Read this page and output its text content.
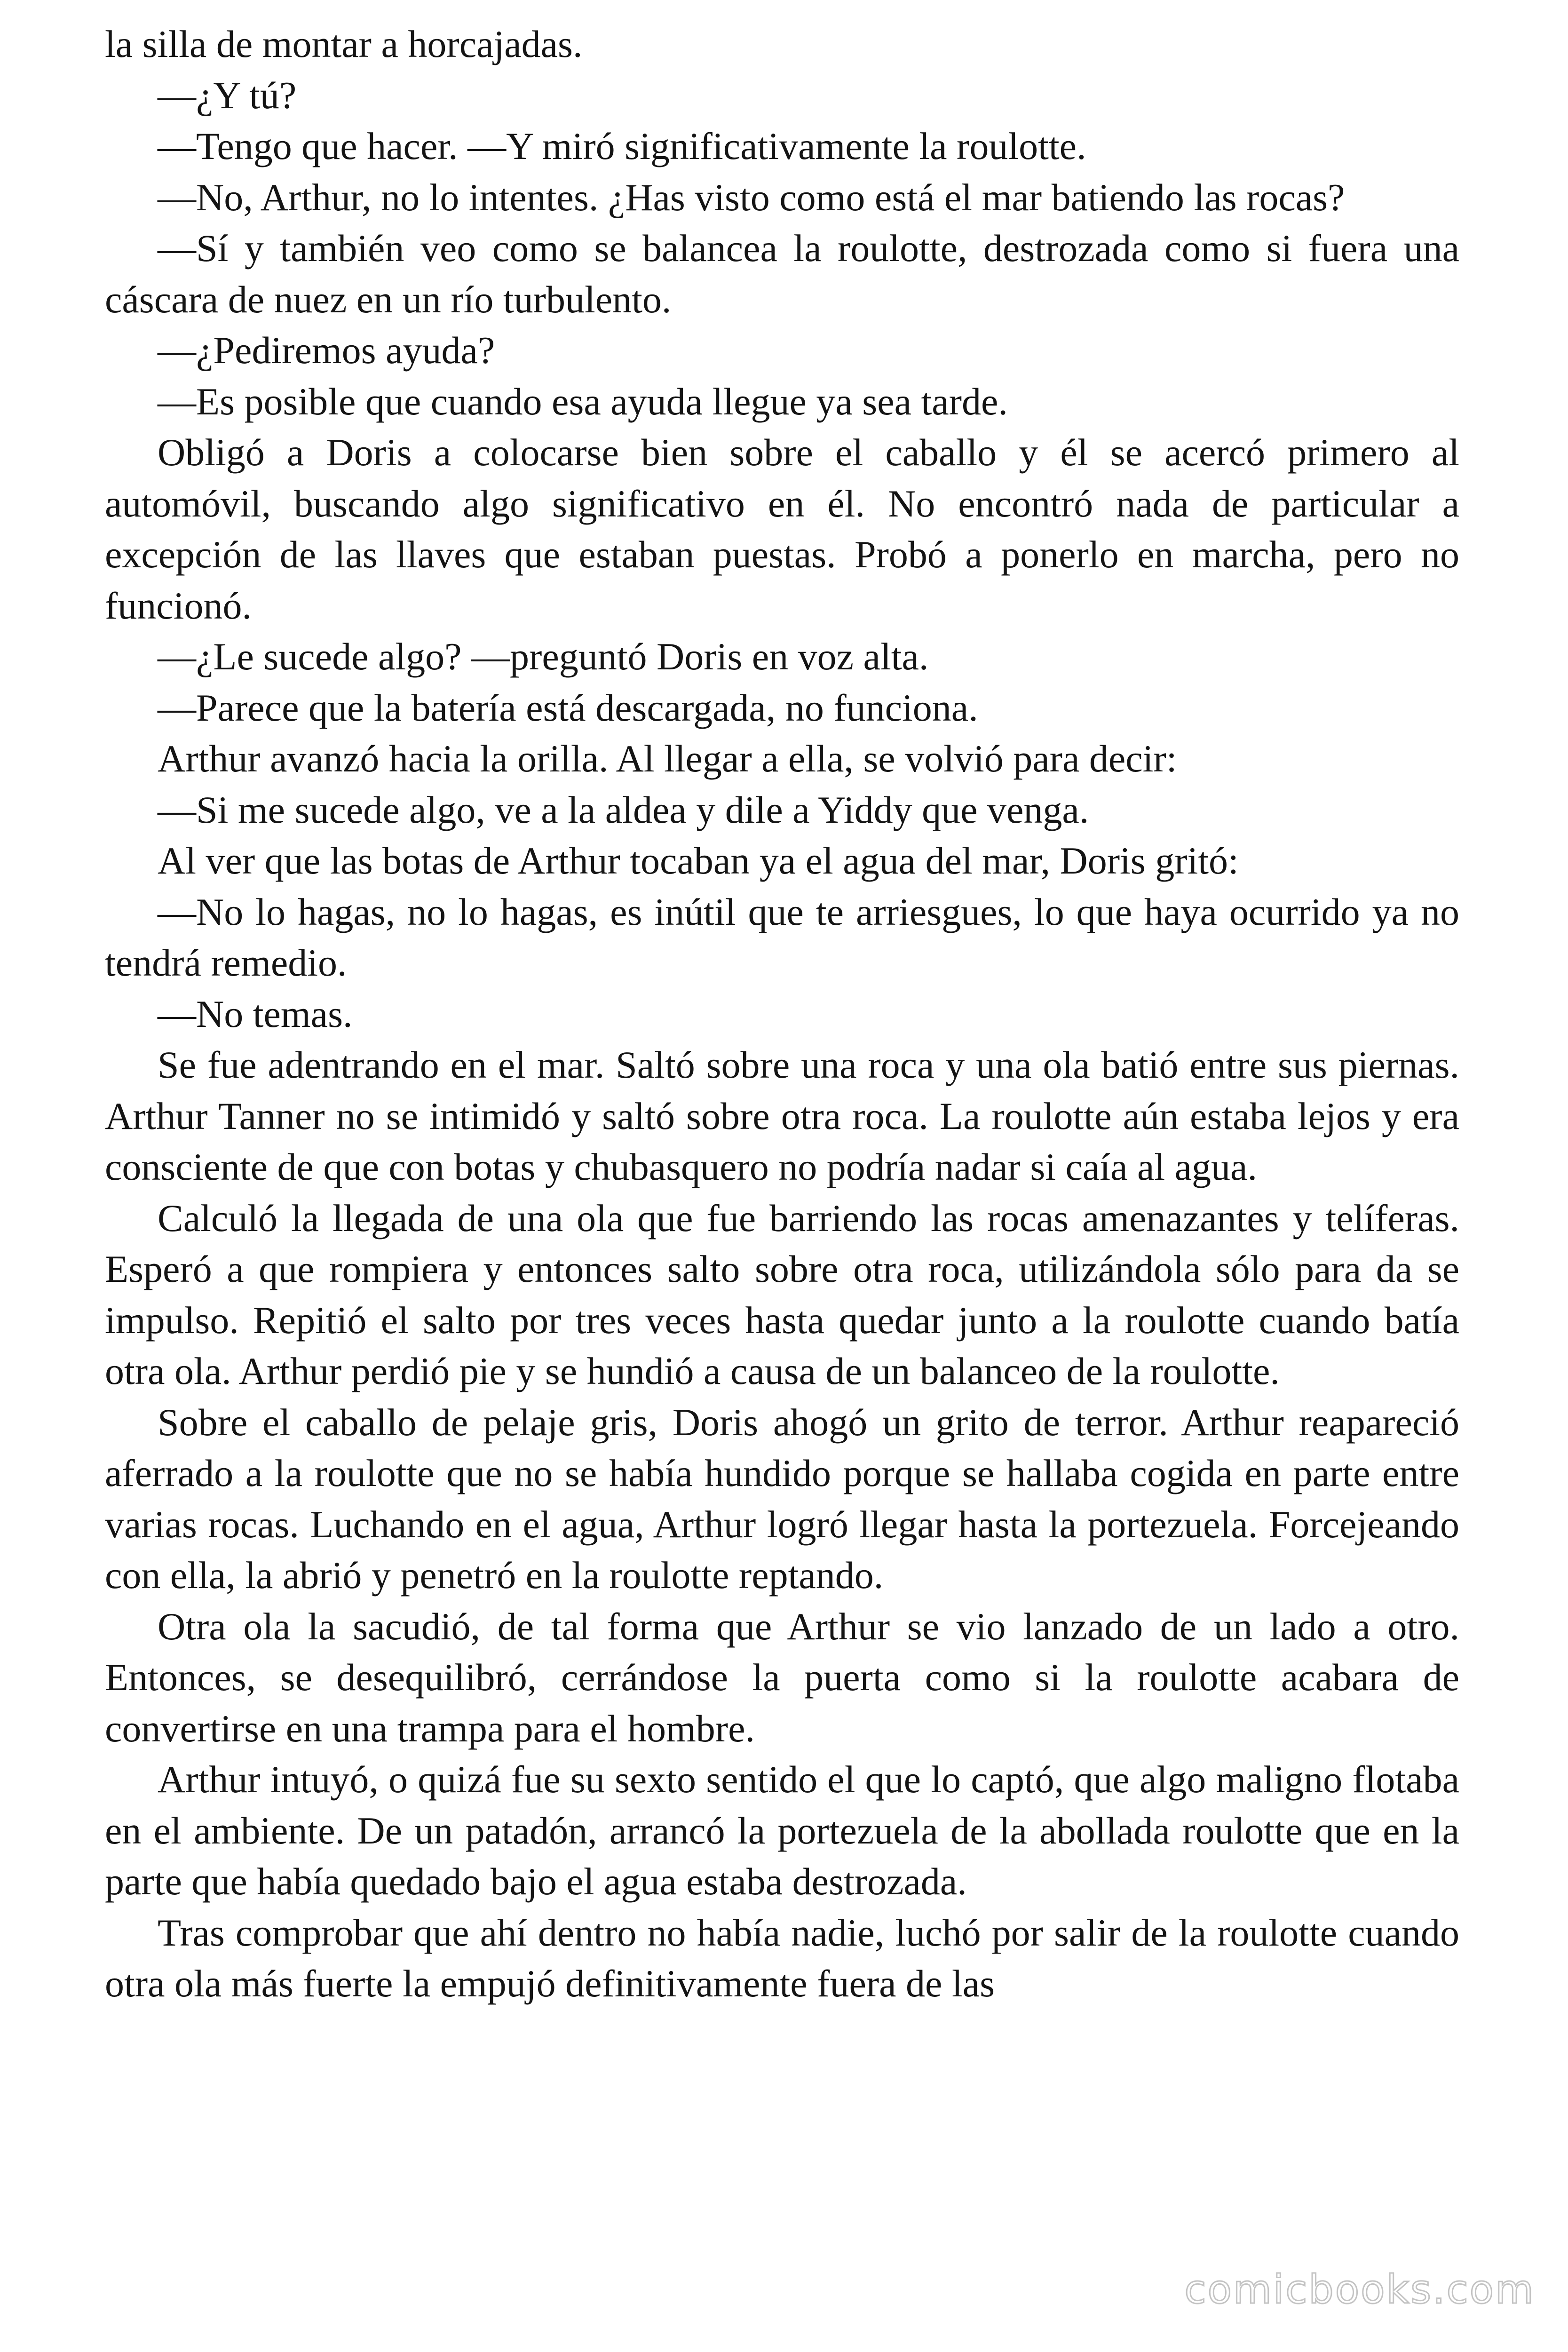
la silla de montar a horcajadas.

—¿Y tú?

—Tengo que hacer. —Y miró significativamente la roulotte.

—No, Arthur, no lo intentes. ¿Has visto como está el mar batiendo las rocas?

—Sí y también veo como se balancea la roulotte, destrozada como si fuera una cáscara de nuez en un río turbulento.

—¿Pediremos ayuda?

—Es posible que cuando esa ayuda llegue ya sea tarde.

Obligó a Doris a colocarse bien sobre el caballo y él se acercó primero al automóvil, buscando algo significativo en él. No encontró nada de particular a excepción de las llaves que estaban puestas. Probó a ponerlo en marcha, pero no funcionó.

—¿Le sucede algo? —preguntó Doris en voz alta.

—Parece que la batería está descargada, no funciona.

Arthur avanzó hacia la orilla. Al llegar a ella, se volvió para decir:

—Si me sucede algo, ve a la aldea y dile a Yiddy que venga.

Al ver que las botas de Arthur tocaban ya el agua del mar, Doris gritó:

—No lo hagas, no lo hagas, es inútil que te arriesgues, lo que haya ocurrido ya no tendrá remedio.

—No temas.

Se fue adentrando en el mar. Saltó sobre una roca y una ola batió entre sus piernas. Arthur Tanner no se intimidó y saltó sobre otra roca. La roulotte aún estaba lejos y era consciente de que con botas y chubasquero no podría nadar si caía al agua.

Calculó la llegada de una ola que fue barriendo las rocas amenazantes y telíferas. Esperó a que rompiera y entonces salto sobre otra roca, utilizándola sólo para da se impulso. Repitió el salto por tres veces hasta quedar junto a la roulotte cuando batía otra ola. Arthur perdió pie y se hundió a causa de un balanceo de la roulotte.

Sobre el caballo de pelaje gris, Doris ahogó un grito de terror. Arthur reapareció aferrado a la roulotte que no se había hundido porque se hallaba cogida en parte entre varias rocas. Luchando en el agua, Arthur logró llegar hasta la portezuela. Forcejeando con ella, la abrió y penetró en la roulotte reptando.

Otra ola la sacudió, de tal forma que Arthur se vio lanzado de un lado a otro. Entonces, se desequilibró, cerrándose la puerta como si la roulotte acabara de convertirse en una trampa para el hombre.

Arthur intuyó, o quizá fue su sexto sentido el que lo captó, que algo maligno flotaba en el ambiente. De un patadón, arrancó la portezuela de la abollada roulotte que en la parte que había quedado bajo el agua estaba destrozada.

Tras comprobar que ahí dentro no había nadie, luchó por salir de la roulotte cuando otra ola más fuerte la empujó definitivamente fuera de las

comicbooks.com
